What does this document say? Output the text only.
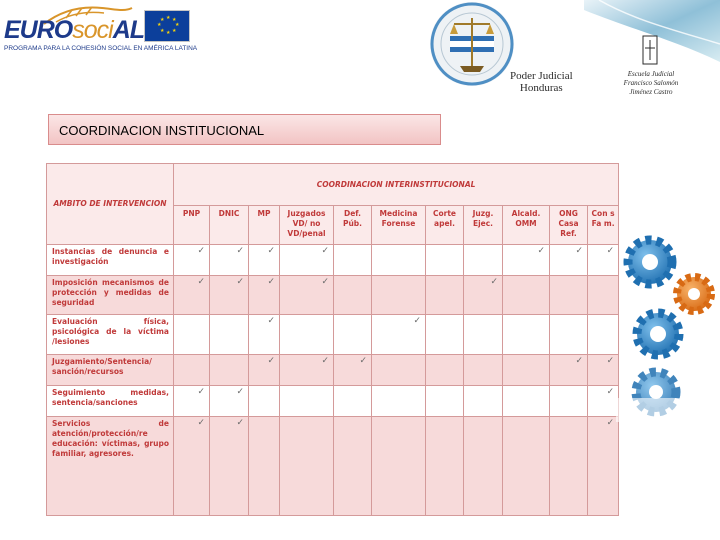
EUROsociAL	★ ★
★
★
★
★
★
★
PROGRAMA PARA LA COHESIÓN SOCIAL EN AMÉRICA LATINA
Poder Judicial
Honduras
Escuela Judicial
Francisco Salomón Jiménez Castro
COORDINACION INSTITUCIONAL
AMBITO DE INTERVENCION	COORDINACION INTERINSTITUCIONAL										
	PNP	DNIC	MP	Juzgados VD/ no VD/penal	Def. Púb.	Medicina Forense	Corte apel.	Juzg. Ejec.	Alcald. OMM	ONG Casa Ref.	Con s Fa m.
Instancias de denuncia e investigación	✓	✓	✓	✓					✓	✓	✓
Imposición mecanismos de protección y medidas de seguridad	✓	✓	✓	✓				✓			
Evaluación física, psicológica de la víctima /lesiones			✓			✓					
Juzgamiento/Sentencia/ sanción/recursos			✓	✓	✓					✓	✓
Seguimiento medidas, sentencia/sanciones	✓	✓									✓
Servicios de atención/protección/re educación: víctimas, grupo familiar, agresores.	✓	✓									✓
